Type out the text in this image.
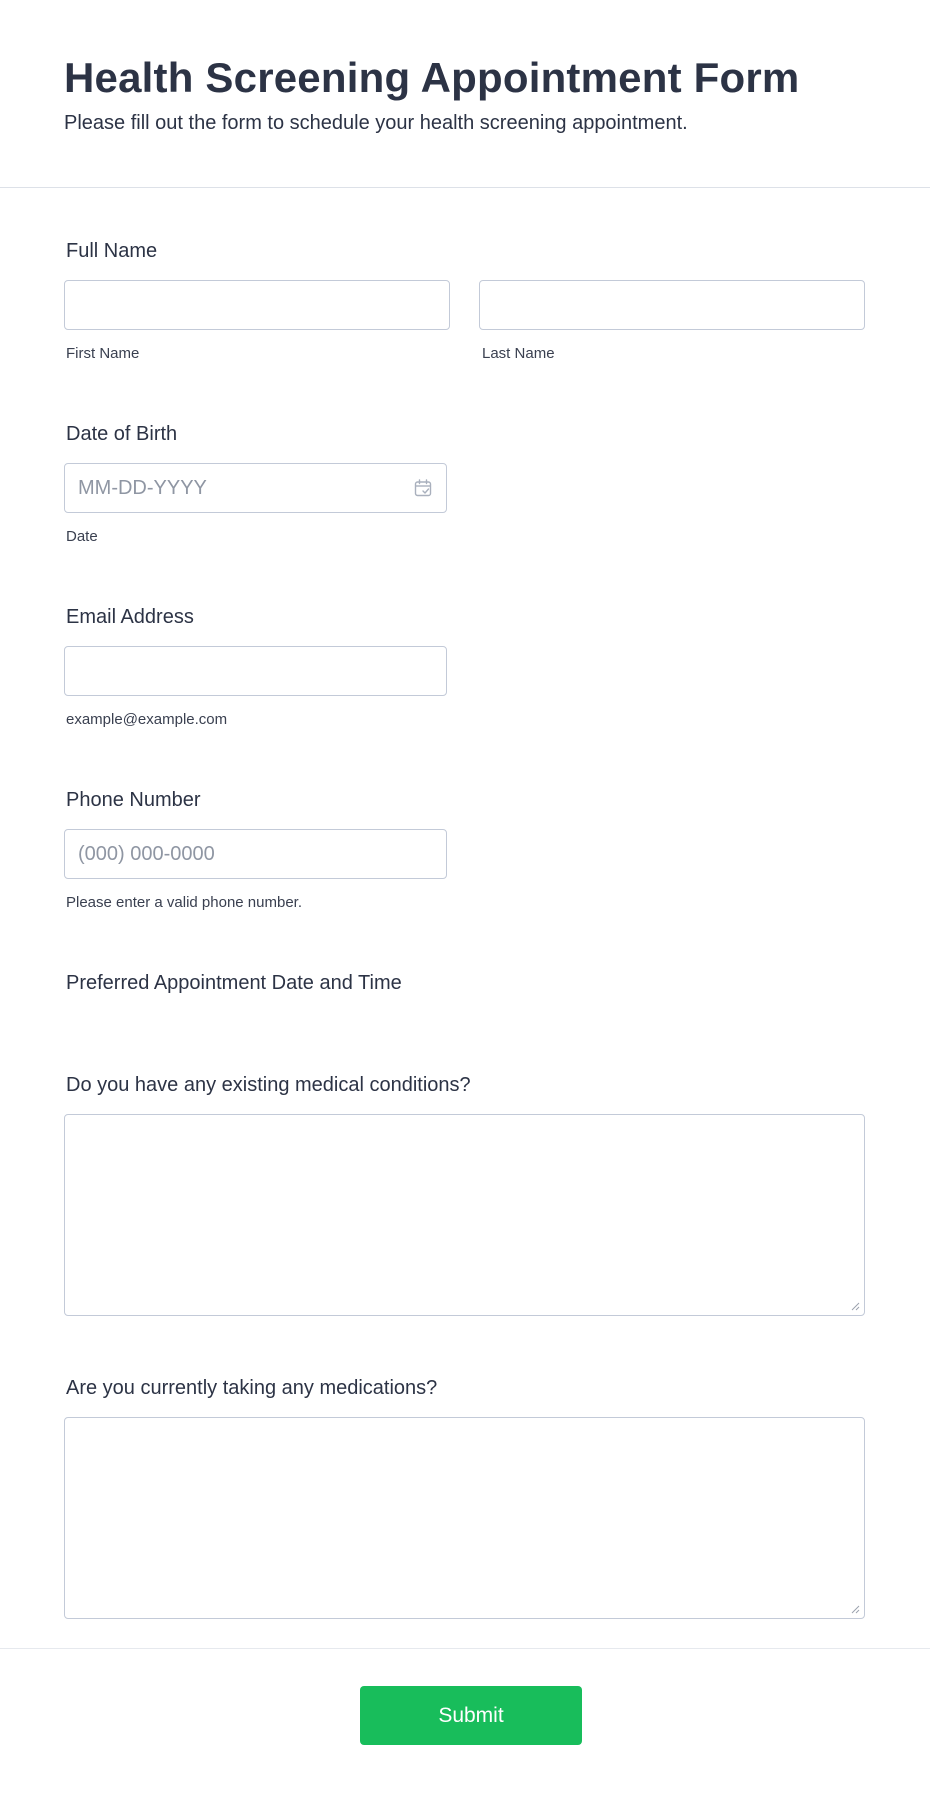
Health Screening Appointment Form
Please fill out the form to schedule your health screening appointment.
Full Name
First Name	Last Name
Date of Birth
MM-DD-YYYY
Date
Email Address
example@example.com
Phone Number
(000) 000-0000
Please enter a valid phone number.
Preferred Appointment Date and Time
Do you have any existing medical conditions?
Are you currently taking any medications?
Submit
